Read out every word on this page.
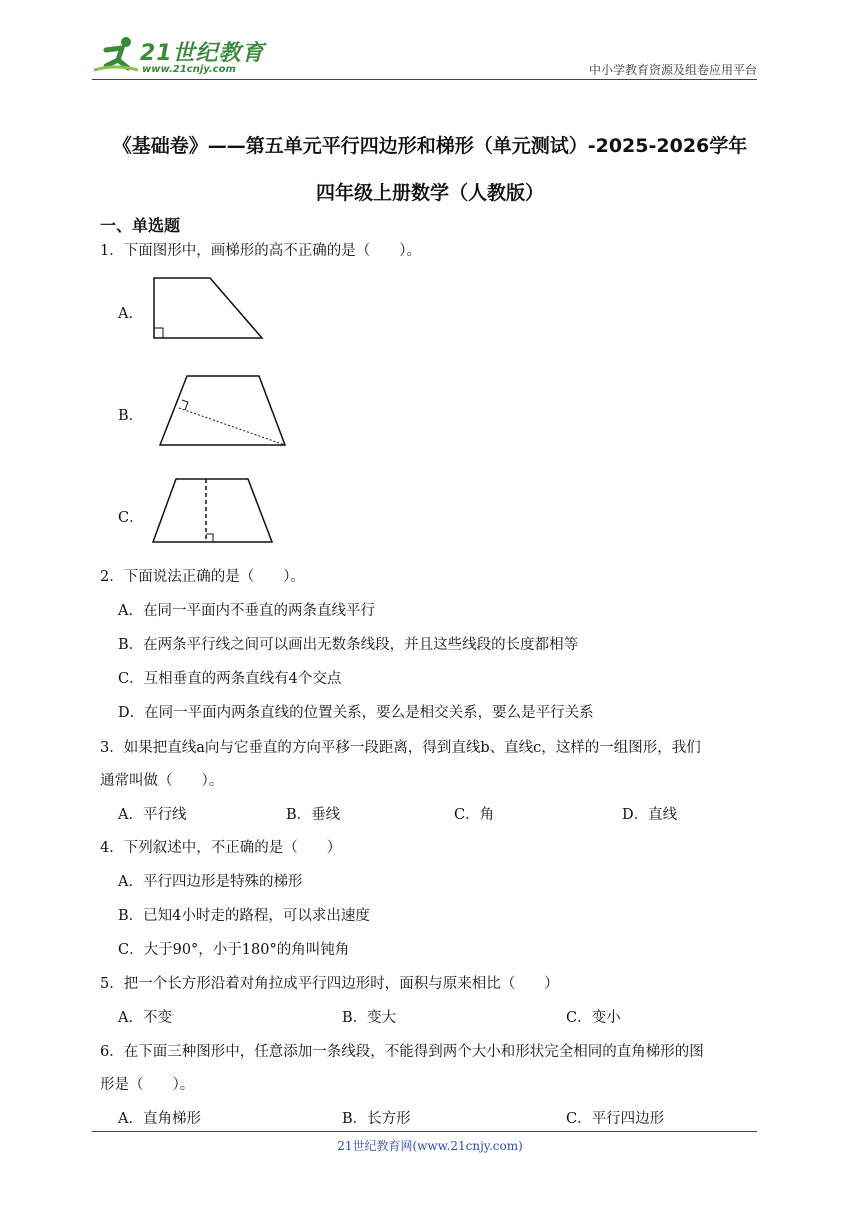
21世纪教育
www.21cnjy.com	中小学教育资源及组卷应用平台
《基础卷》——第五单元平行四边形和梯形（单元测试）-2025-2026学年
四年级上册数学（人教版）
一、单选题
1．下面图形中，画梯形的高不正确的是（　　）。
A．
B．
C．
2．下面说法正确的是（　　）。
A．在同一平面内不垂直的两条直线平行
B．在两条平行线之间可以画出无数条线段，并且这些线段的长度都相等
C．互相垂直的两条直线有4个交点
D．在同一平面内两条直线的位置关系，要么是相交关系，要么是平行关系
3．如果把直线a向与它垂直的方向平移一段距离，得到直线b、直线c，这样的一组图形，我们
通常叫做（　　）。
A．平行线	B．垂线	C．角	D．直线
4．下列叙述中，不正确的是（　　）
A．平行四边形是特殊的梯形
B．已知4小时走的路程，可以求出速度
C．大于90°，小于180°的角叫钝角
5．把一个长方形沿着对角拉成平行四边形时，面积与原来相比（　　）
A．不变	B．变大	C．变小
6．在下面三种图形中，任意添加一条线段，不能得到两个大小和形状完全相同的直角梯形的图
形是（　　）。
A．直角梯形	B．长方形	C．平行四边形
21世纪教育网(www.21cnjy.com)
